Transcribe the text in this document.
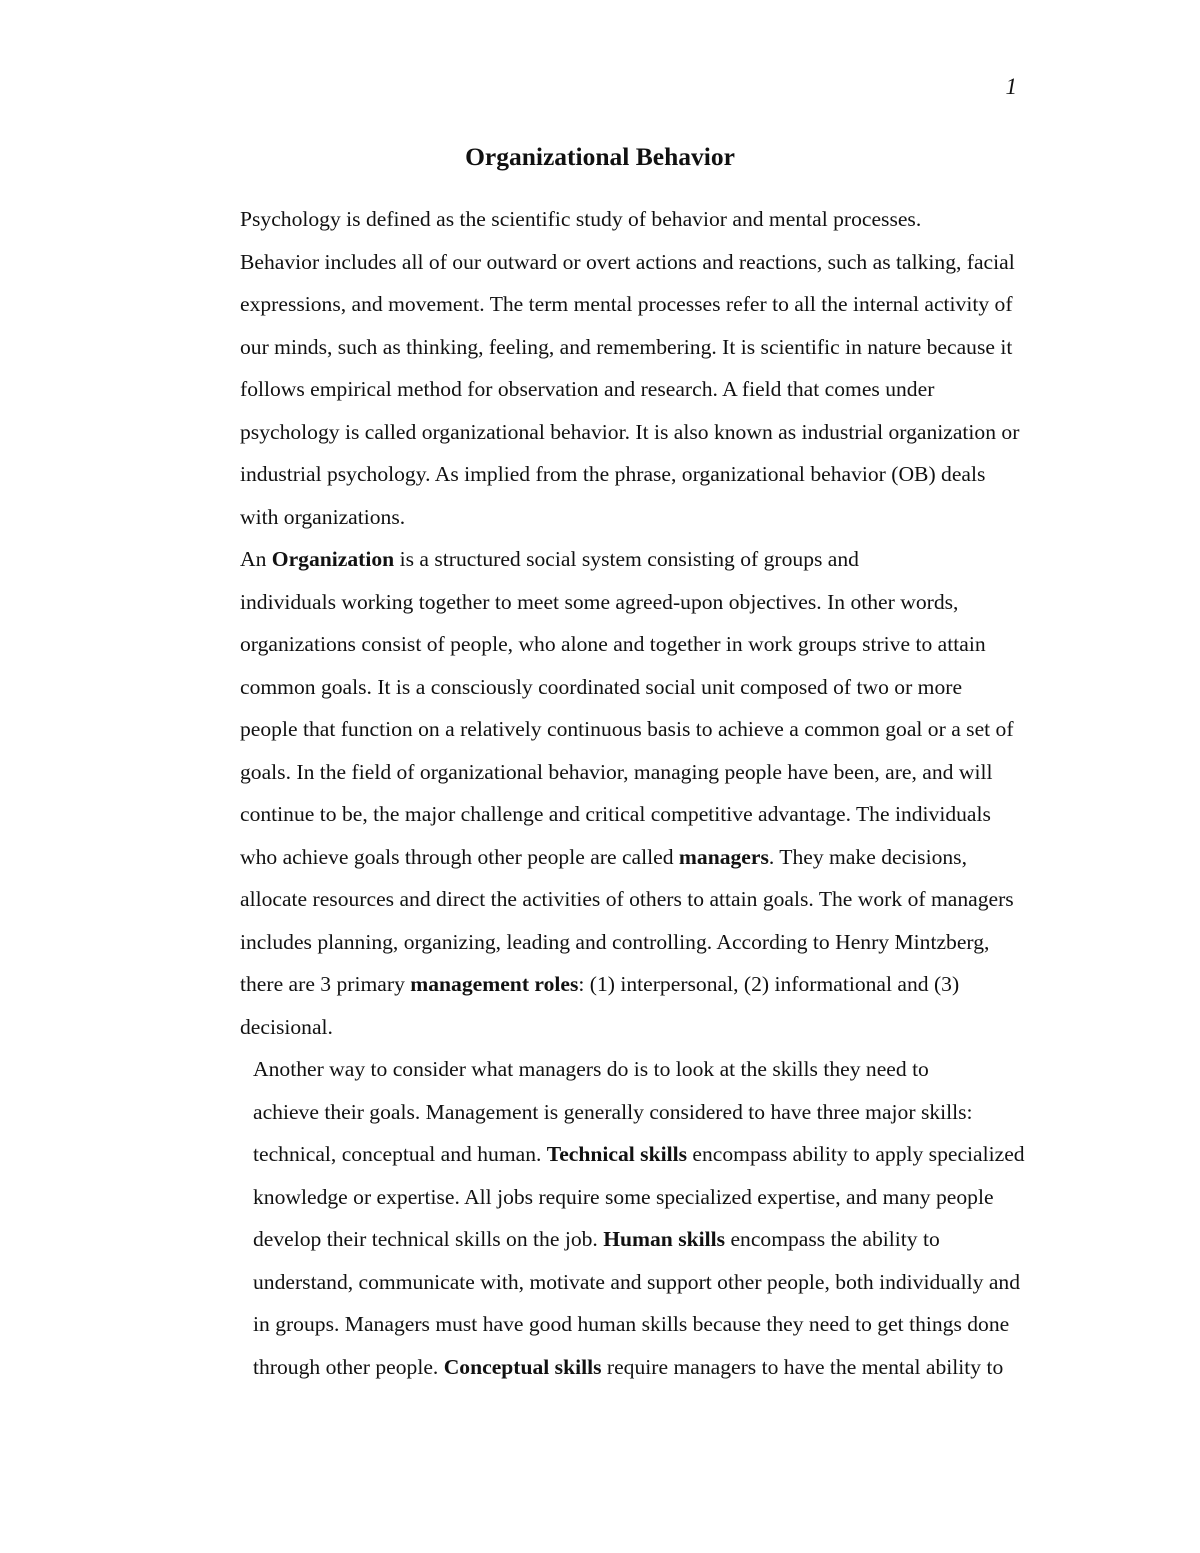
1
Organizational Behavior

Psychology is defined as the scientific study of behavior and mental processes.
Behavior includes all of our outward or overt actions and reactions, such as talking, facial
expressions, and movement. The term mental processes refer to all the internal activity of
our minds, such as thinking, feeling, and remembering. It is scientific in nature because it
follows empirical method for observation and research. A field that comes under
psychology is called organizational behavior. It is also known as industrial organization or
industrial psychology. As implied from the phrase, organizational behavior (OB) deals
with organizations.

An Organization is a structured social system consisting of groups and
individuals working together to meet some agreed-upon objectives. In other words,
organizations consist of people, who alone and together in work groups strive to attain
common goals. It is a consciously coordinated social unit composed of two or more
people that function on a relatively continuous basis to achieve a common goal or a set of
goals. In the field of organizational behavior, managing people have been, are, and will
continue to be, the major challenge and critical competitive advantage. The individuals
who achieve goals through other people are called managers. They make decisions,
allocate resources and direct the activities of others to attain goals. The work of managers
includes planning, organizing, leading and controlling. According to Henry Mintzberg,
there are 3 primary management roles: (1) interpersonal, (2) informational and (3)
decisional.

Another way to consider what managers do is to look at the skills they need to
achieve their goals. Management is generally considered to have three major skills:
technical, conceptual and human. Technical skills encompass ability to apply specialized
knowledge or expertise. All jobs require some specialized expertise, and many people
develop their technical skills on the job. Human skills encompass the ability to
understand, communicate with, motivate and support other people, both individually and
in groups. Managers must have good human skills because they need to get things done
through other people. Conceptual skills require managers to have the mental ability to
